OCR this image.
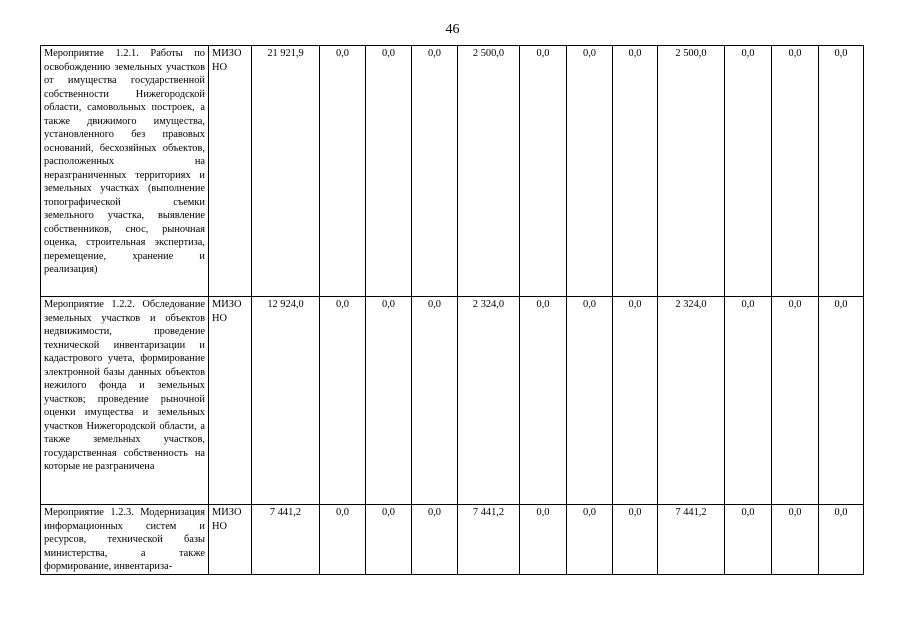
46
Мероприятие 1.2.1. Работы по освобождению земельных участков от имущества государственной собственности Нижегородской области, самовольных построек, а также движимого имущества, установленного без правовых оснований, бесхозяйных объектов, расположенных на неразграниченных территориях и земельных участках (выполнение топографической съемки земельного участка, выявление собственников, снос, рыночная оценка, строительная экспертиза, перемещение, хранение и реализация)	МИЗО НО	21 921,9	0,0	0,0	0,0	2 500,0	0,0	0,0	0,0	2 500,0	0,0	0,0	0,0
Мероприятие 1.2.2. Обследование земельных участков и объектов недвижимости, проведение технической инвентаризации и кадастрового учета, формирование электронной базы данных объектов нежилого фонда и земельных участков; проведение рыночной оценки имущества и земельных участков Нижегородской области, а также земельных участков, государственная собственность на которые не разграничена	МИЗО НО	12 924,0	0,0	0,0	0,0	2 324,0	0,0	0,0	0,0	2 324,0	0,0	0,0	0,0
Мероприятие 1.2.3. Модернизация информационных систем и ресурсов, технической базы министерства, а также формирование, инвентариза-	МИЗО НО	7 441,2	0,0	0,0	0,0	7 441,2	0,0	0,0	0,0	7 441,2	0,0	0,0	0,0
